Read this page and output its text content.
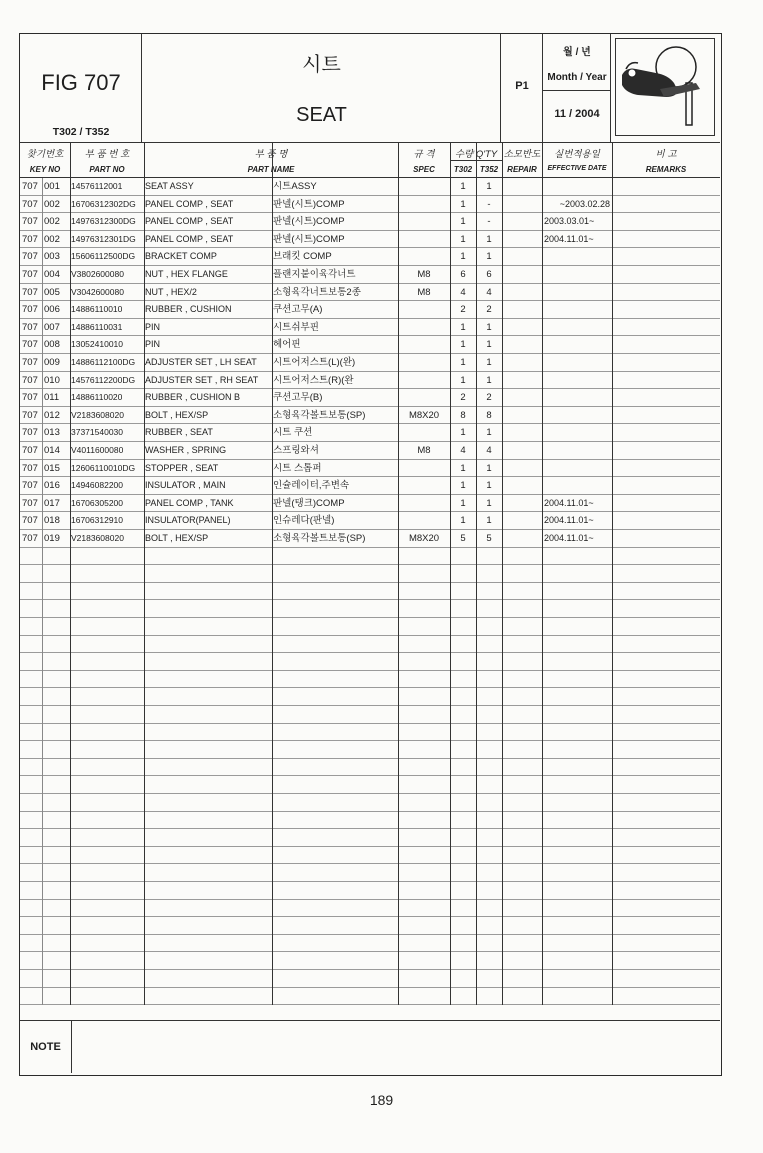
FIG 707
T302 / T352
시트
SEAT
P1
월 / 년
Month / Year
11 / 2004
찾기번호
KEY NO
부 품 번 호
PART NO
부 품 명
PART NAME
규 격
SPEC
수량 Q'TY
T302 T352
소모반도
REPAIR
실번적용일
EFFECTIVE DATE
비 고
REMARKS
707 001	14576112001	SEAT ASSY	시트ASSY	1	1
707 002	16706312302DG	PANEL COMP , SEAT	판넬(시트)COMP	1	-	~2003.02.28
707 002	14976312300DG	PANEL COMP , SEAT	판넬(시트)COMP	1	-	2003.03.01~
707 002	14976312301DG	PANEL COMP , SEAT	판넬(시트)COMP	1	1	2004.11.01~
707 003	15606112500DG	BRACKET COMP	브래킷 COMP	1	1
707 004	V3802600080	NUT , HEX FLANGE	플랜지붙이육각너트	M8	6	6
707 005	V3042600080	NUT , HEX/2	소형육각너트보통2종	M8	4	4
707 006	14886110010	RUBBER , CUSHION	쿠션고무(A)	2	2
707 007	14886110031	PIN	시트쉬부핀	1	1
707 008	13052410010	PIN	헤어핀	1	1
707 009	14886112100DG	ADJUSTER SET , LH SEAT	시트어저스트(L)(완)	1	1
707 010	14576112200DG	ADJUSTER SET , RH SEAT	시트어저스트(R)(완	1	1
707 011	14886110020	RUBBER , CUSHION B	쿠션고무(B)	2	2
707 012	V2183608020	BOLT , HEX/SP	소형육각볼트보통(SP)	M8X20	8	8
707 013	37371540030	RUBBER , SEAT	시트 쿠션	1	1
707 014	V4011600080	WASHER , SPRING	스프링와셔	M8	4	4
707 015	12606110010DG	STOPPER , SEAT	시트 스톱퍼	1	1
707 016	14946082200	INSULATOR , MAIN	인슐레이터,주변속	1	1
707 017	16706305200	PANEL COMP , TANK	판넬(탱크)COMP	1	1	2004.11.01~
707 018	16706312910	INSULATOR(PANEL)	인슈레다(판넬)	1	1	2004.11.01~
707 019	V2183608020	BOLT , HEX/SP	소형육각볼트보통(SP)	M8X20	5	5	2004.11.01~
NOTE
189
